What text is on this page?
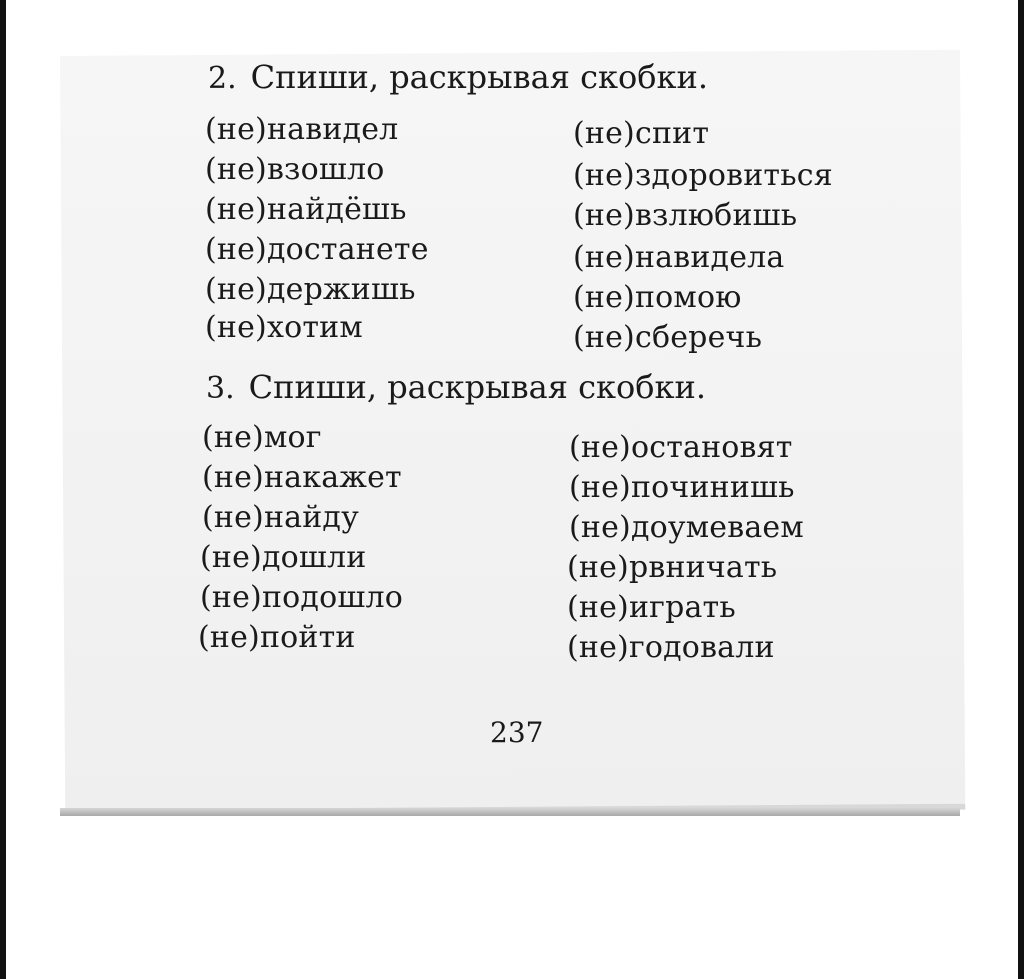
2. Спиши, раскрывая скобки.
(не)навидел
(не)взошло
(не)найдёшь
(не)достанете
(не)держишь
(не)хотим
(не)спит
(не)здоровиться
(не)взлюбишь
(не)навидела
(не)помою
(не)сберечь
3. Спиши, раскрывая скобки.
(не)мог
(не)накажет
(не)найду
(не)дошли
(не)подошло
(не)пойти
(не)остановят
(не)починишь
(не)доумеваем
(не)рвничать
(не)играть
(не)годовали
237
